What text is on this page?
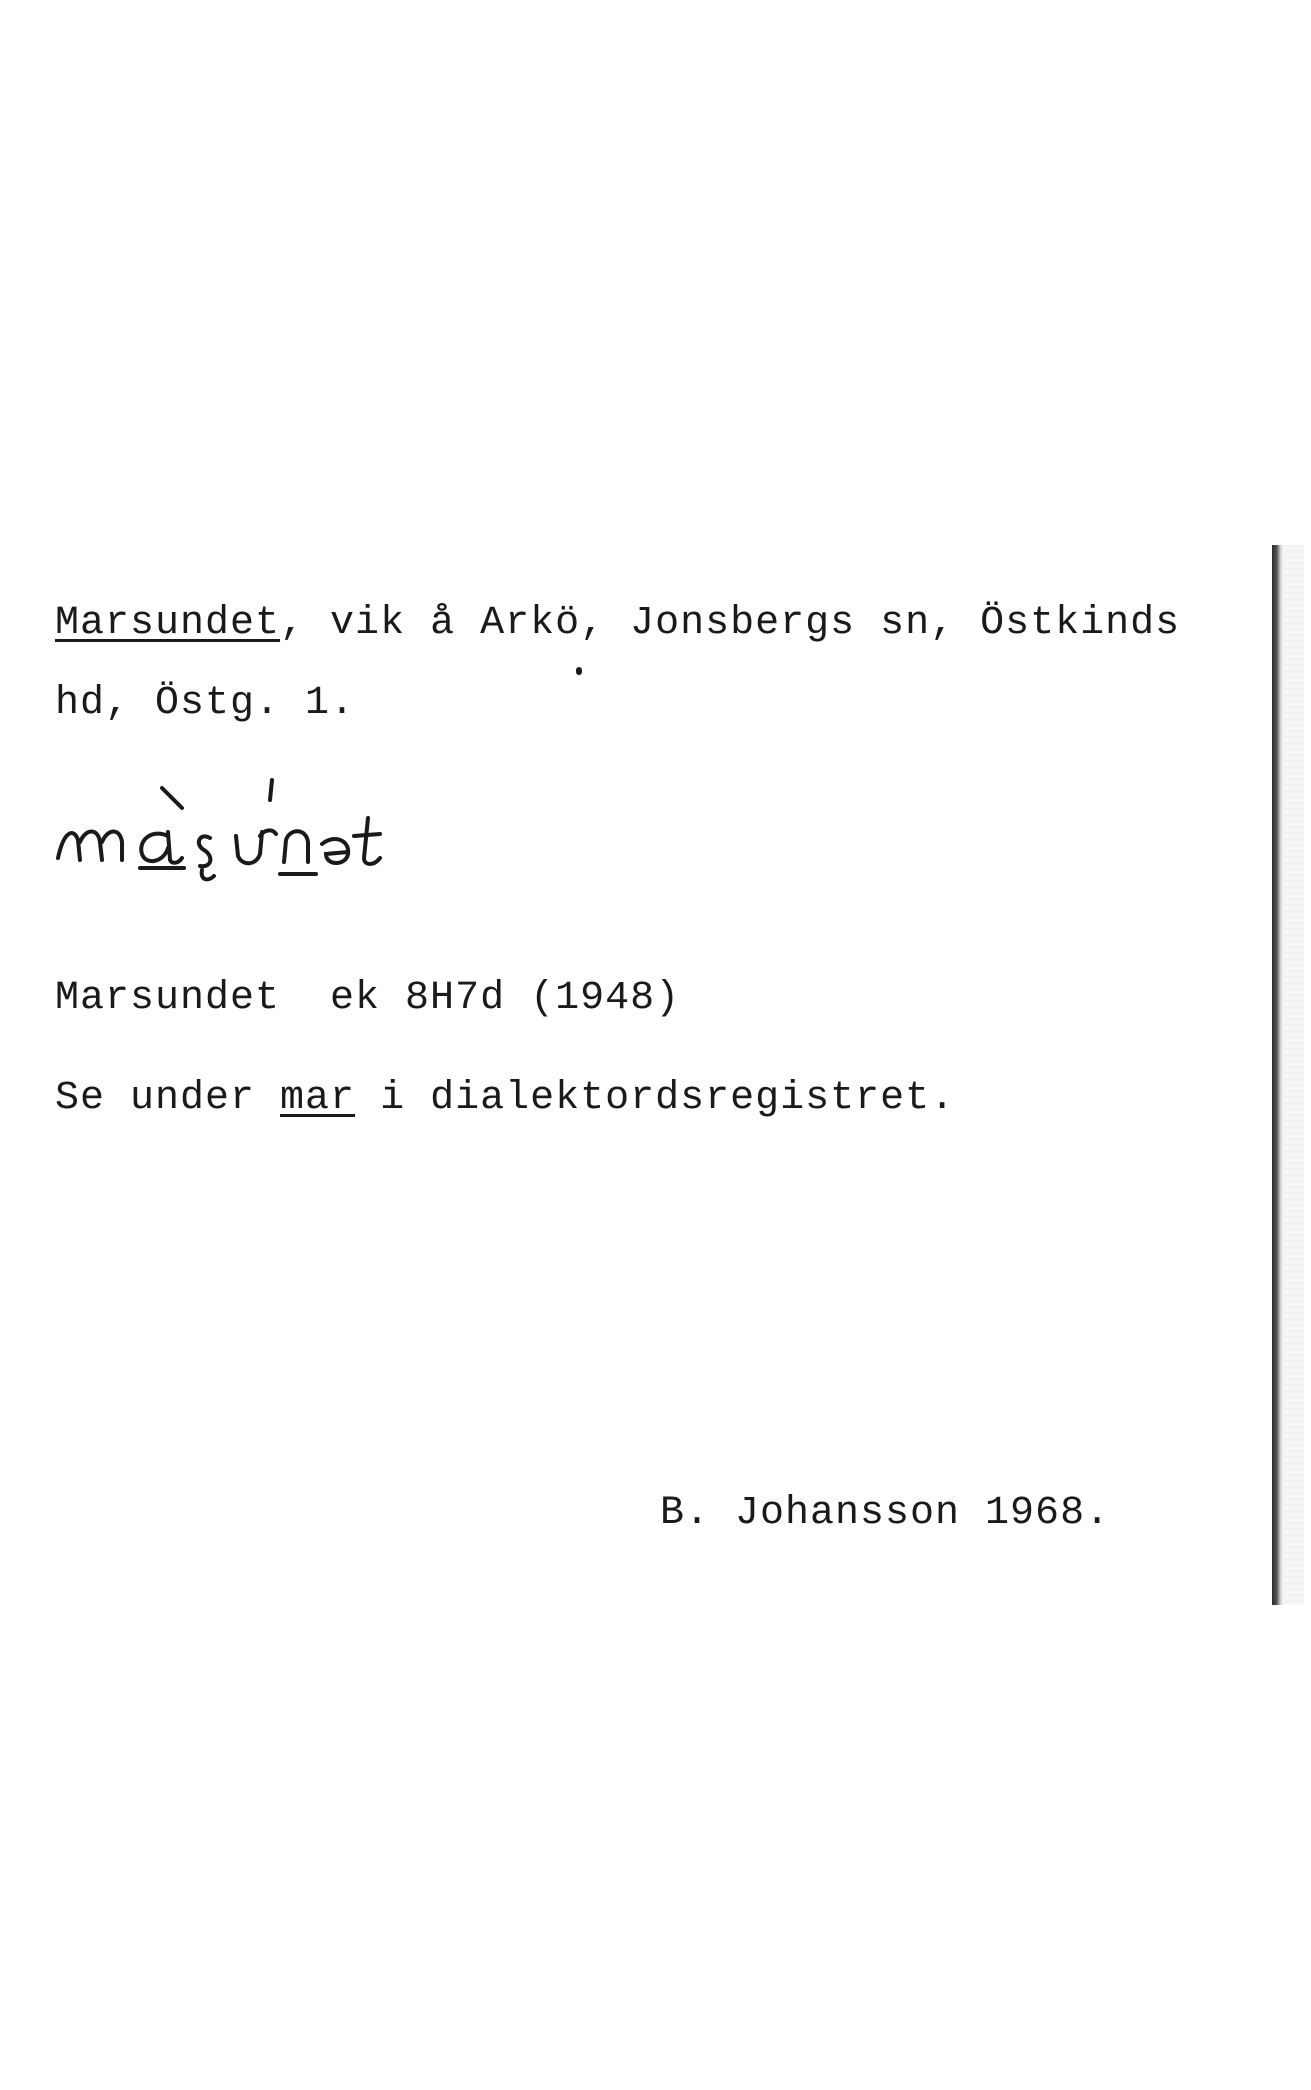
Marsundet, vik å Arkö, Jonsbergs sn, Östkinds
hd, Östg. 1.
Marsundet  ek 8H7d (1948)
Se under mar i dialektordsregistret.
B. Johansson 1968.
